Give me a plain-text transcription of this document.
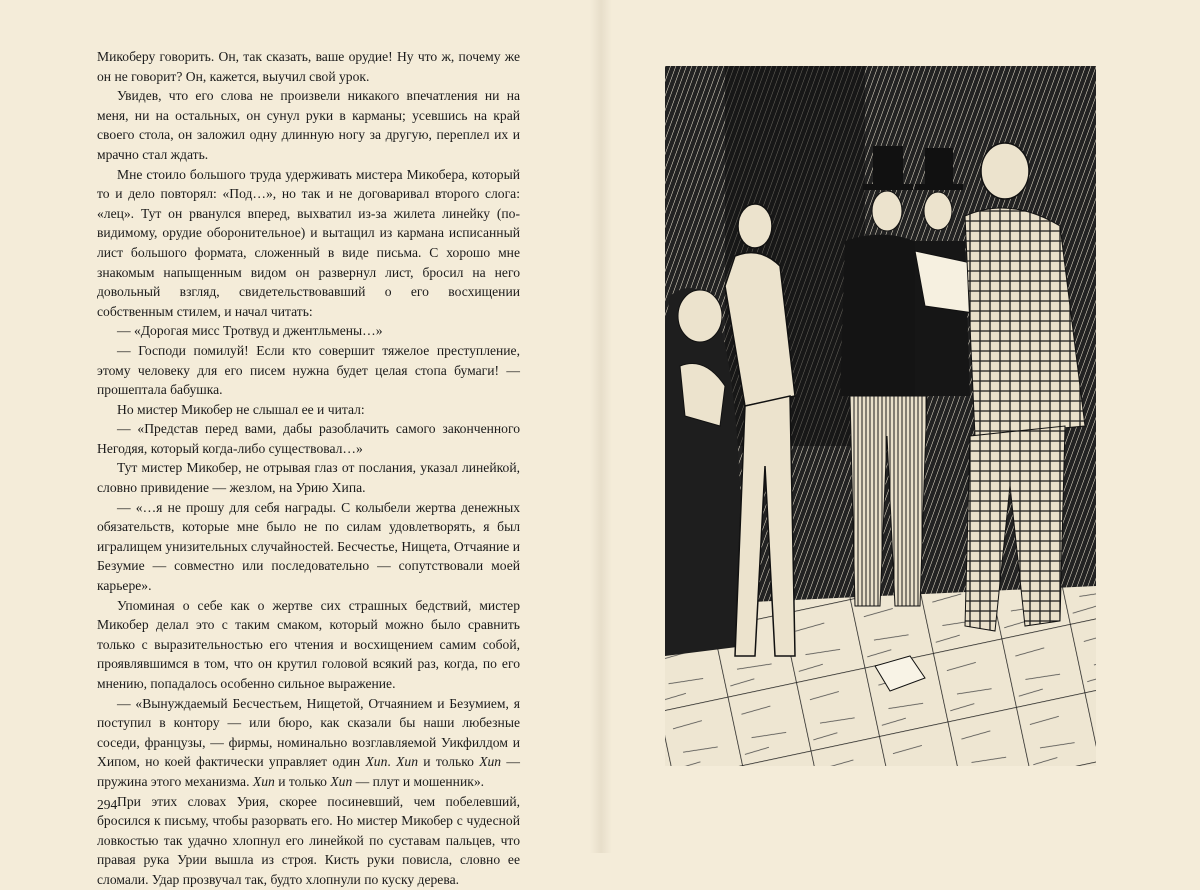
Микоберу говорить. Он, так сказать, ваше орудие! Ну что ж, почему же он не говорит? Он, кажется, выучил свой урок.

Увидев, что его слова не произвели никакого впечатления ни на меня, ни на остальных, он сунул руки в карманы; усевшись на край своего стола, он заложил одну длинную ногу за другую, переплел их и мрачно стал ждать.

Мне стоило большого труда удерживать мистера Микобера, который то и дело повторял: «Под…», но так и не договаривал второго слога: «лец». Тут он рванулся вперед, выхватил из-за жилета линейку (по-видимому, орудие оборонительное) и вытащил из кармана исписанный лист большого формата, сложенный в виде письма. С хорошо мне знакомым напыщенным видом он развернул лист, бросил на него довольный взгляд, свидетельствовавший о его восхищении собственным стилем, и начал читать:

— «Дорогая мисс Тротвуд и джентльмены…»

— Господи помилуй! Если кто совершит тяжелое преступление, этому человеку для его писем нужна будет целая стопа бумаги! — прошептала бабушка.

Но мистер Микобер не слышал ее и читал:

— «Представ перед вами, дабы разоблачить самого законченного Негодяя, который когда-либо существовал…»

Тут мистер Микобер, не отрывая глаз от послания, указал линейкой, словно привидение — жезлом, на Урию Хипа.

— «…я не прошу для себя награды. С колыбели жертва денежных обязательств, которые мне было не по силам удовлетворять, я был игралищем унизительных случайностей. Бесчестье, Нищета, Отчаяние и Безумие — совместно или последовательно — сопутствовали моей карьере».

Упоминая о себе как о жертве сих страшных бедствий, мистер Микобер делал это с таким смаком, который можно было сравнить только с выразительностью его чтения и восхищением самим собой, проявлявшимся в том, что он крутил головой всякий раз, когда, по его мнению, попадалось особенно сильное выражение.

— «Вынуждаемый Бесчестьем, Нищетой, Отчаянием и Безумием, я поступил в контору — или бюро, как сказали бы наши любезные соседи, французы, — фирмы, номинально возглавляемой Уикфилдом и Хипом, но коей фактически управляет один Хип. Хип и только Хип — пружина этого механизма. Хип и только Хип — плут и мошенник».

При этих словах Урия, скорее посиневший, чем побелевший, бросился к письму, чтобы разорвать его. Но мистер Микобер с чудесной ловкостью так удачно хлопнул его линейкой по суставам пальцев, что правая рука Урии вышла из строя. Кисть руки повисла, словно ее сломали. Удар прозвучал так, будто хлопнули по куску дерева.

294
